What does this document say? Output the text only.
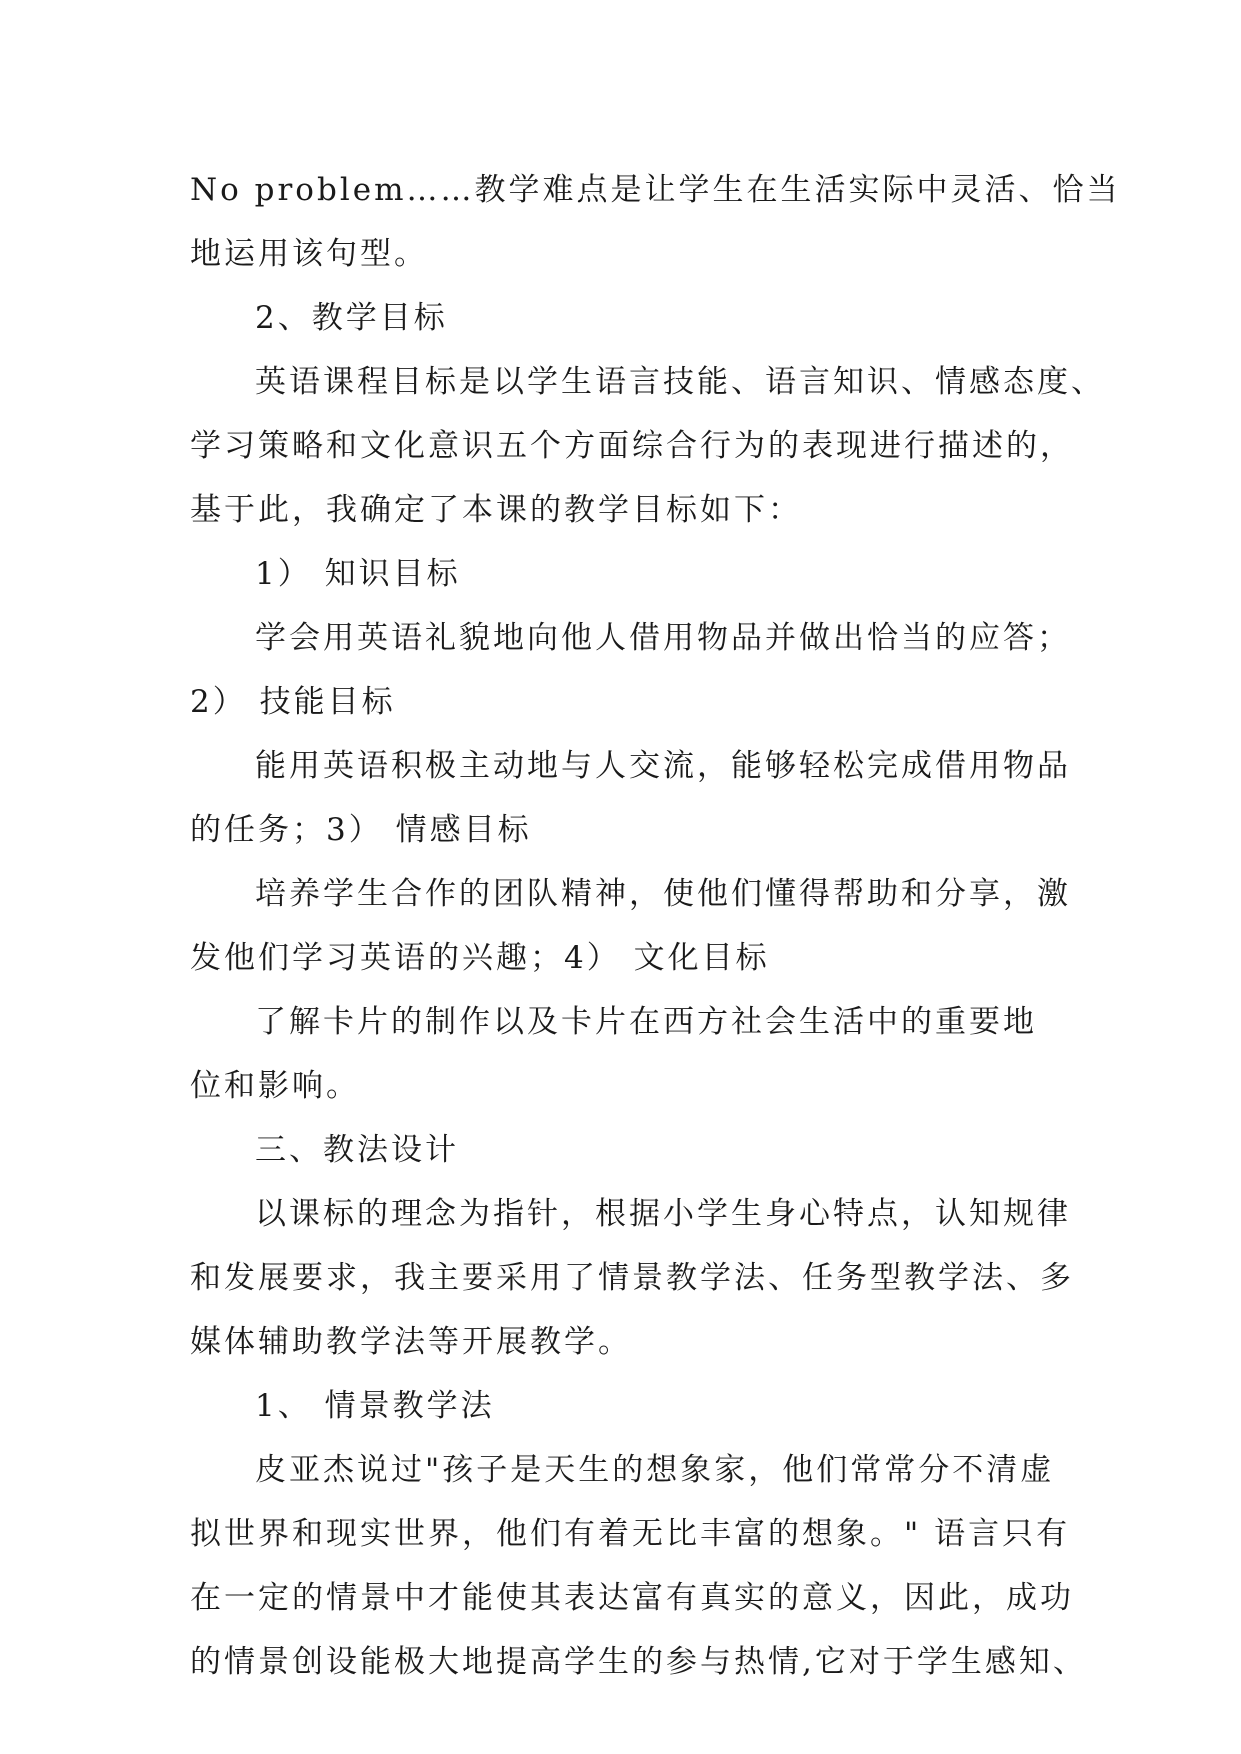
No problem……教学难点是让学生在生活实际中灵活、恰当
地运用该句型。
2、教学目标
英语课程目标是以学生语言技能、语言知识、情感态度、
学习策略和文化意识五个方面综合行为的表现进行描述的，
基于此，我确定了本课的教学目标如下：
1） 知识目标
学会用英语礼貌地向他人借用物品并做出恰当的应答；
2） 技能目标
能用英语积极主动地与人交流，能够轻松完成借用物品
的任务；3） 情感目标
培养学生合作的团队精神，使他们懂得帮助和分享，激
发他们学习英语的兴趣；4） 文化目标
了解卡片的制作以及卡片在西方社会生活中的重要地
位和影响。
三、教法设计
以课标的理念为指针，根据小学生身心特点，认知规律
和发展要求，我主要采用了情景教学法、任务型教学法、多
媒体辅助教学法等开展教学。
1、 情景教学法
皮亚杰说过"孩子是天生的想象家，他们常常分不清虚
拟世界和现实世界，他们有着无比丰富的想象。" 语言只有
在一定的情景中才能使其表达富有真实的意义，因此，成功
的情景创设能极大地提高学生的参与热情,它对于学生感知、
